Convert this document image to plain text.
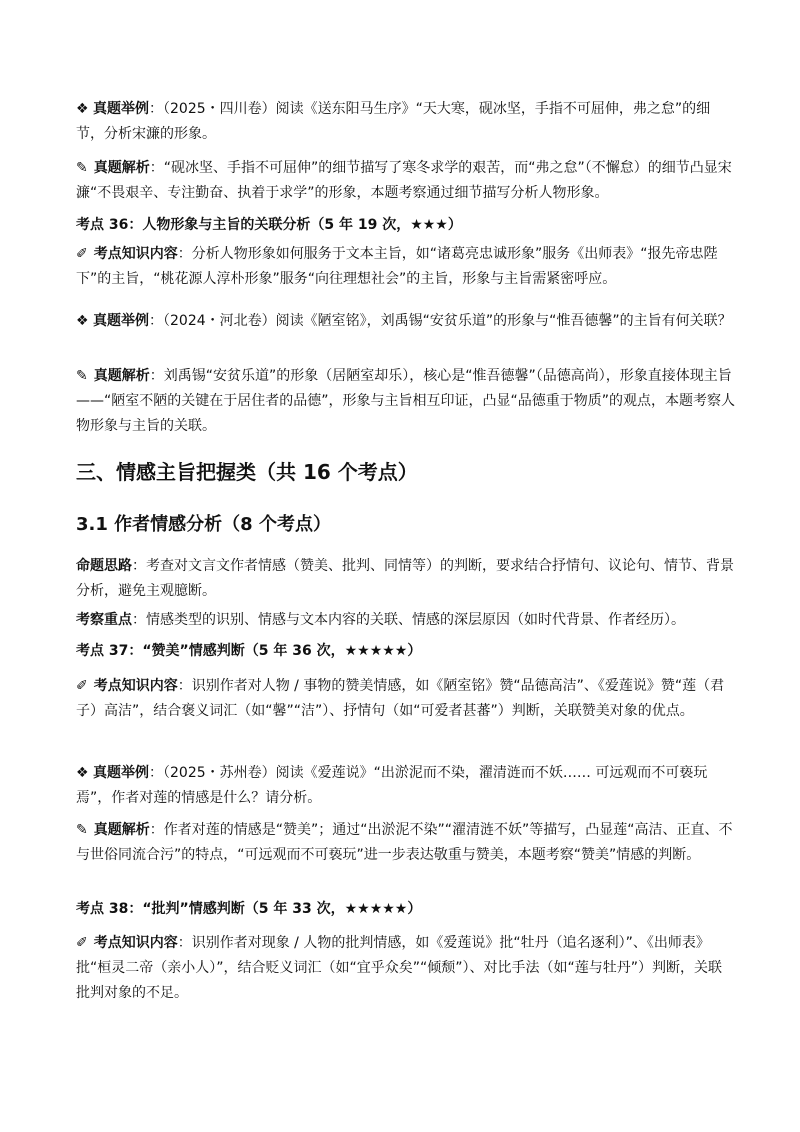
❖ 真题举例：（2025・四川卷）阅读《送东阳马生序》“天大寒，砚冰坚，手指不可屈伸，弗之怠”的细节，分析宋濂的形象。

✎ 真题解析：“砚冰坚、手指不可屈伸”的细节描写了寒冬求学的艰苦，而“弗之怠”（不懈怠）的细节凸显宋濂“不畏艰辛、专注勤奋、执着于求学”的形象，本题考察通过细节描写分析人物形象。

考点 36：人物形象与主旨的关联分析（5 年 19 次，★★★）

✐ 考点知识内容：分析人物形象如何服务于文本主旨，如“诸葛亮忠诚形象”服务《出师表》“报先帝忠陛下”的主旨，“桃花源人淳朴形象”服务“向往理想社会”的主旨，形象与主旨需紧密呼应。

❖ 真题举例：（2024・河北卷）阅读《陋室铭》，刘禹锡“安贫乐道”的形象与“惟吾德馨”的主旨有何关联？

✎ 真题解析：刘禹锡“安贫乐道”的形象（居陋室却乐），核心是“惟吾德馨”（品德高尚），形象直接体现主旨 ——“陋室不陋的关键在于居住者的品德”，形象与主旨相互印证，凸显“品德重于物质”的观点，本题考察人物形象与主旨的关联。

三、情感主旨把握类（共 16 个考点）
3.1 作者情感分析（8 个考点）

命题思路：考查对文言文作者情感（赞美、批判、同情等）的判断，要求结合抒情句、议论句、情节、背景分析，避免主观臆断。

考察重点：情感类型的识别、情感与文本内容的关联、情感的深层原因（如时代背景、作者经历）。

考点 37：“赞美”情感判断（5 年 36 次，★★★★★）

✐ 考点知识内容：识别作者对人物 / 事物的赞美情感，如《陋室铭》赞“品德高洁”、《爱莲说》赞“莲（君子）高洁”，结合褒义词汇（如“馨”“洁”）、抒情句（如“可爱者甚蕃”）判断，关联赞美对象的优点。

❖ 真题举例：（2025・苏州卷）阅读《爱莲说》“出淤泥而不染，濯清涟而不妖…… 可远观而不可亵玩焉”，作者对莲的情感是什么？请分析。

✎ 真题解析：作者对莲的情感是“赞美”；通过“出淤泥不染”“濯清涟不妖”等描写，凸显莲“高洁、正直、不与世俗同流合污”的特点，“可远观而不可亵玩”进一步表达敬重与赞美，本题考察“赞美”情感的判断。

考点 38：“批判”情感判断（5 年 33 次，★★★★★）

✐ 考点知识内容：识别作者对现象 / 人物的批判情感，如《爱莲说》批“牡丹（追名逐利）”、《出师表》批“桓灵二帝（亲小人）”，结合贬义词汇（如“宜乎众矣”“倾颓”）、对比手法（如“莲与牡丹”）判断，关联批判对象的不足。
